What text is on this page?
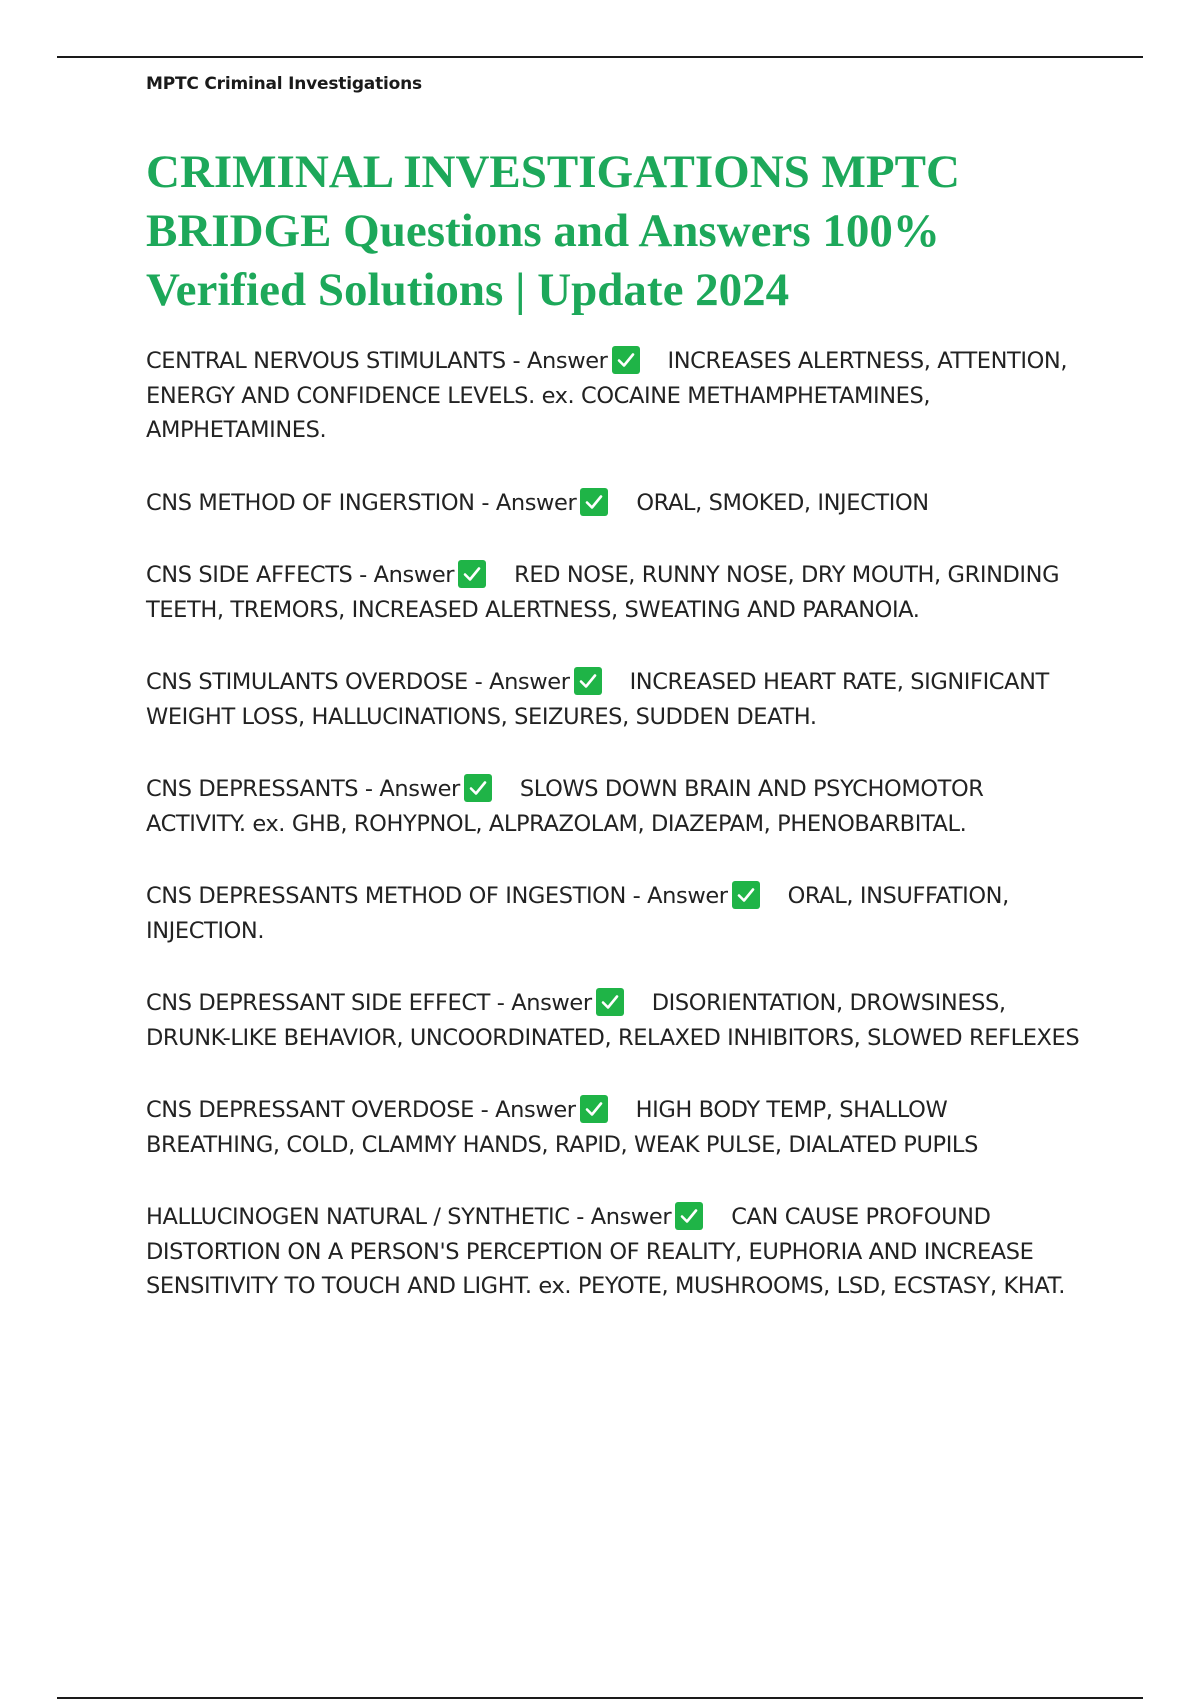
MPTC Criminal Investigations
CRIMINAL INVESTIGATIONS MPTC BRIDGE Questions and Answers 100% Verified Solutions | Update 2024
CENTRAL NERVOUS STIMULANTS - Answer	INCREASES ALERTNESS, ATTENTION, ENERGY AND CONFIDENCE LEVELS. ex. COCAINE METHAMPHETAMINES, AMPHETAMINES.
CNS METHOD OF INGERSTION - Answer	ORAL, SMOKED, INJECTION
CNS SIDE AFFECTS - Answer	RED NOSE, RUNNY NOSE, DRY MOUTH, GRINDING TEETH, TREMORS, INCREASED ALERTNESS, SWEATING AND PARANOIA.
CNS STIMULANTS OVERDOSE - Answer	INCREASED HEART RATE, SIGNIFICANT WEIGHT LOSS, HALLUCINATIONS, SEIZURES, SUDDEN DEATH.
CNS DEPRESSANTS - Answer	SLOWS DOWN BRAIN AND PSYCHOMOTOR ACTIVITY. ex. GHB, ROHYPNOL, ALPRAZOLAM, DIAZEPAM, PHENOBARBITAL.
CNS DEPRESSANTS METHOD OF INGESTION - Answer	ORAL, INSUFFATION, INJECTION.
CNS DEPRESSANT SIDE EFFECT - Answer	DISORIENTATION, DROWSINESS, DRUNK-LIKE BEHAVIOR, UNCOORDINATED, RELAXED INHIBITORS, SLOWED REFLEXES
CNS DEPRESSANT OVERDOSE - Answer	HIGH BODY TEMP, SHALLOW BREATHING, COLD, CLAMMY HANDS, RAPID, WEAK PULSE, DIALATED PUPILS
HALLUCINOGEN NATURAL / SYNTHETIC - Answer	CAN CAUSE PROFOUND DISTORTION ON A PERSON'S PERCEPTION OF REALITY, EUPHORIA AND INCREASE SENSITIVITY TO TOUCH AND LIGHT. ex. PEYOTE, MUSHROOMS, LSD, ECSTASY, KHAT.
